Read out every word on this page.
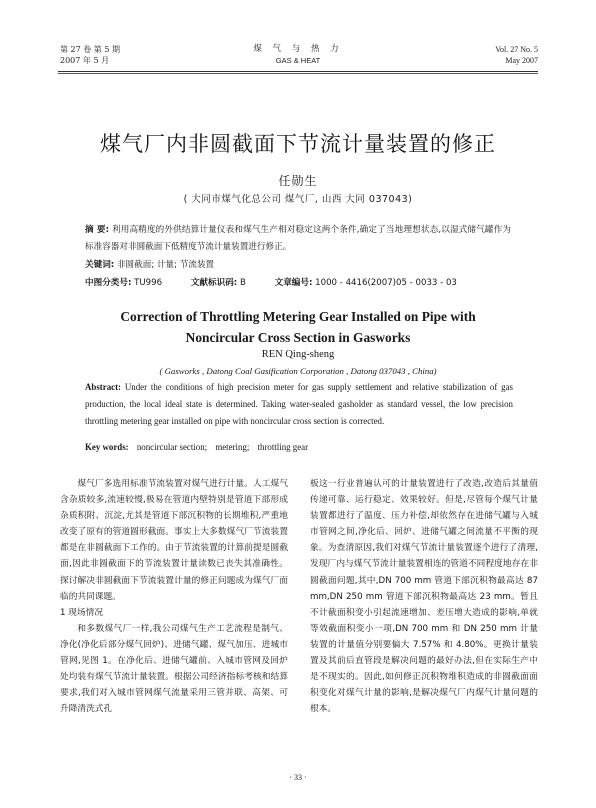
第 27 卷 第 5 期
2007 年 5 月
煤 气 与 热 力
GAS & HEAT
Vol. 27 No. 5
May 2007
煤气厂内非圆截面下节流计量装置的修正
任勋生
( 大同市煤气化总公司 煤气厂, 山西 大同 037043)
摘 要: 利用高精度的外供结算计量仪表和煤气生产相对稳定这两个条件,确定了当地理想状态,以湿式储气罐作为标准容器对非圆截面下低精度节流计量装置进行修正。
关键词: 非圆截面; 计量; 节流装置
中图分类号: TU996	文献标识码: B	文章编号: 1000 - 4416(2007)05 - 0033 - 03
Correction of Throttling Metering Gear Installed on Pipe with
Noncircular Cross Section in Gasworks
REN Qing-sheng
( Gasworks , Datong Coal Gasification Corporation , Datong 037043 , China)
Abstract: Under the conditions of high precision meter for gas supply settlement and relative stabilization of gas production, the local ideal state is determined. Taking water-sealed gasholder as standard vessel, the low precision throttling metering gear installed on pipe with noncircular cross section is corrected.
Key words: noncircular section; metering; throttling gear

煤气厂多选用标准节流装置对煤气进行计量。人工煤气含杂质较多,流速较慢,极易在管道内壁特别是管道下部形成杂质积附、沉淀,尤其是管道下部沉积物的长期堆积,严重地改变了原有的管道圆形截面。事实上大多数煤气厂节流装置都是在非圆截面下工作的。由于节流装置的计算前提是圆截面,因此非圆截面下的节流装置计量读数已丧失其准确性。探讨解决非圆截面下节流装置计量的修正问题成为煤气厂面临的共同课题。

1 现场情况

和多数煤气厂一样,我公司煤气生产工艺流程是制气、净化(净化后部分煤气回炉)、进储气罐、煤气加压、进城市管网,见图 1。在净化后、进储气罐前、入城市管网及回炉处均装有煤气节流计量装置。根据公司经济指标考核和结算要求,我们对入城市管网煤气流量采用三管并联、高架、可升降清洗式孔

板这一行业普遍认可的计量装置进行了改造,改造后其量值传递可靠、运行稳定、效果较好。但是,尽管每个煤气计量装置都进行了温度、压力补偿,却依然存在进储气罐与入城市管网之间,净化后、回炉、进储气罐之间流量不平衡的现象。为查清原因,我们对煤气节流计量装置逐个进行了清理,发现厂内与煤气节流计量装置相连的管道不同程度地存在非圆截面问题,其中,DN 700 mm 管道下部沉积物最高达 87 mm,DN 250 mm 管道下部沉积物最高达 23 mm。暂且不计截面积变小引起流速增加、差压增大造成的影响,单就等效截面积变小一项,DN 700 mm 和 DN 250 mm 计量装置的计量值分别要偏大 7.57% 和 4.80%。更换计量装置及其前后直管段是解决问题的最好办法,但在实际生产中是不现实的。因此,如何修正沉积物堆积造成的非圆截面面积变化对煤气计量的影响,是解决煤气厂内煤气计量问题的根本。

· 33 ·
